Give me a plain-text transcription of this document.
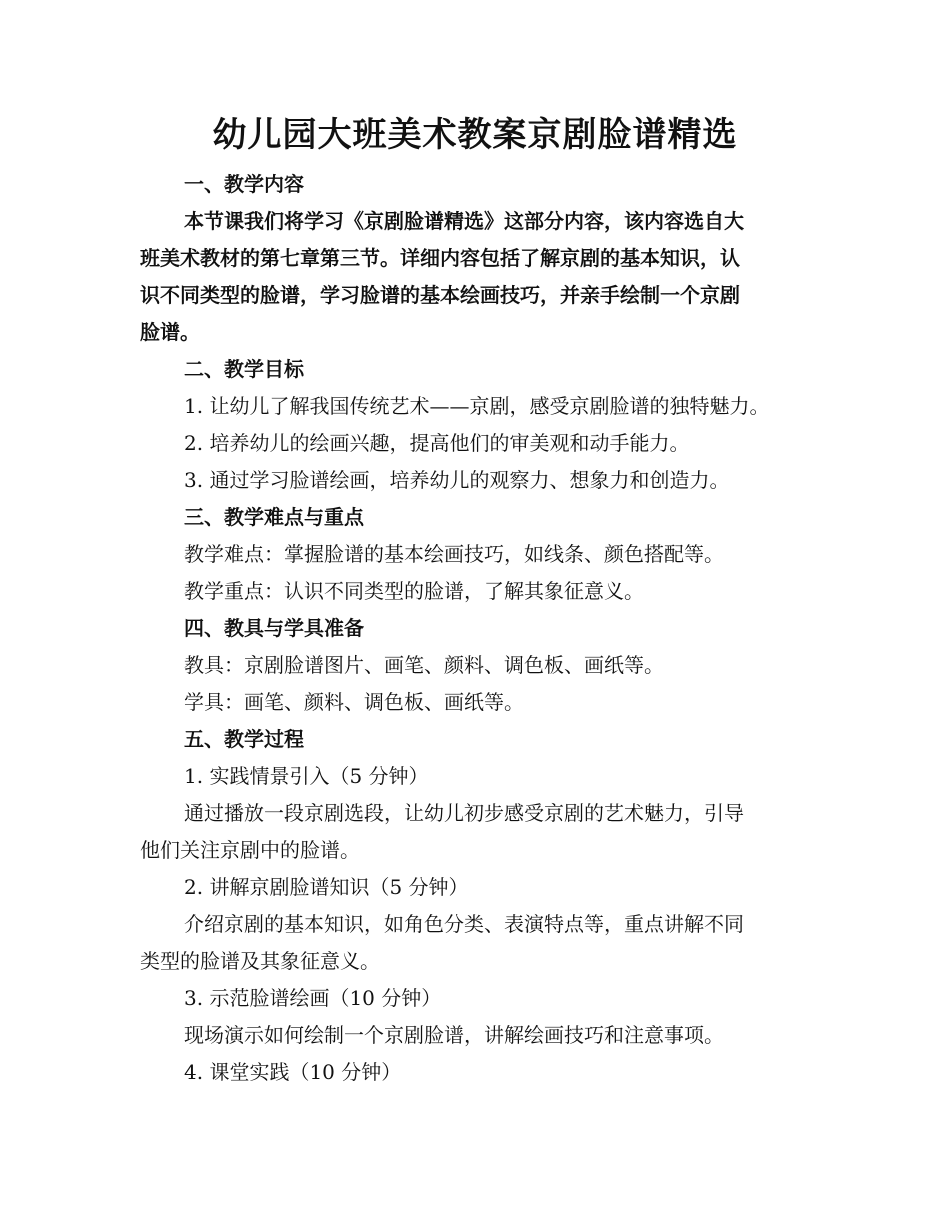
幼儿园大班美术教案京剧脸谱精选
一、教学内容
本节课我们将学习《京剧脸谱精选》这部分内容，该内容选自大
班美术教材的第七章第三节。详细内容包括了解京剧的基本知识，认
识不同类型的脸谱，学习脸谱的基本绘画技巧，并亲手绘制一个京剧
脸谱。
二、教学目标
1. 让幼儿了解我国传统艺术——京剧，感受京剧脸谱的独特魅力。
2. 培养幼儿的绘画兴趣，提高他们的审美观和动手能力。
3. 通过学习脸谱绘画，培养幼儿的观察力、想象力和创造力。
三、教学难点与重点
教学难点：掌握脸谱的基本绘画技巧，如线条、颜色搭配等。
教学重点：认识不同类型的脸谱，了解其象征意义。
四、教具与学具准备
教具：京剧脸谱图片、画笔、颜料、调色板、画纸等。
学具：画笔、颜料、调色板、画纸等。
五、教学过程
1. 实践情景引入（5 分钟）
通过播放一段京剧选段，让幼儿初步感受京剧的艺术魅力，引导
他们关注京剧中的脸谱。
2. 讲解京剧脸谱知识（5 分钟）
介绍京剧的基本知识，如角色分类、表演特点等，重点讲解不同
类型的脸谱及其象征意义。
3. 示范脸谱绘画（10 分钟）
现场演示如何绘制一个京剧脸谱，讲解绘画技巧和注意事项。
4. 课堂实践（10 分钟）
